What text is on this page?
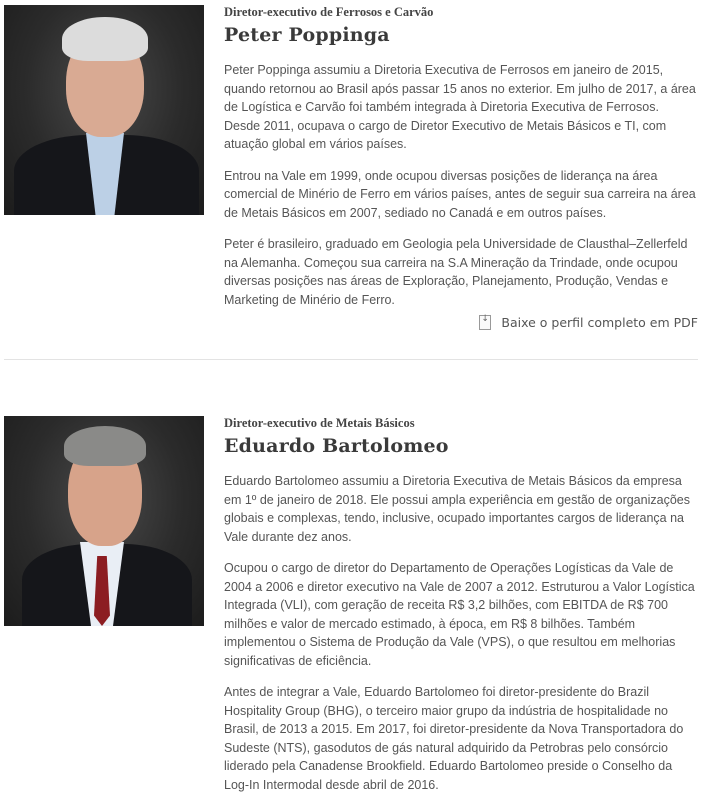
Diretor-executivo de Ferrosos e Carvão
Peter Poppinga

Peter Poppinga assumiu a Diretoria Executiva de Ferrosos em janeiro de 2015, quando retornou ao Brasil após passar 15 anos no exterior. Em julho de 2017, a área de Logística e Carvão foi também integrada à Diretoria Executiva de Ferrosos. Desde 2011, ocupava o cargo de Diretor Executivo de Metais Básicos e TI, com atuação global em vários países.

Entrou na Vale em 1999, onde ocupou diversas posições de liderança na área comercial de Minério de Ferro em vários países, antes de seguir sua carreira na área de Metais Básicos em 2007, sediado no Canadá e em outros países.

Peter é brasileiro, graduado em Geologia pela Universidade de Clausthal–Zellerfeld na Alemanha. Começou sua carreira na S.A Mineração da Trindade, onde ocupou diversas posições nas áreas de Exploração, Planejamento, Produção, Vendas e Marketing de Minério de Ferro.

↓
Baixe o perfil completo em PDF
Diretor-executivo de Metais Básicos
Eduardo Bartolomeo

Eduardo Bartolomeo assumiu a Diretoria Executiva de Metais Básicos da empresa em 1º de janeiro de 2018. Ele possui ampla experiência em gestão de organizações globais e complexas, tendo, inclusive, ocupado importantes cargos de liderança na Vale durante dez anos.

Ocupou o cargo de diretor do Departamento de Operações Logísticas da Vale de 2004 a 2006 e diretor executivo na Vale de 2007 a 2012. Estruturou a Valor Logística Integrada (VLI), com geração de receita R$ 3,2 bilhões, com EBITDA de R$ 700 milhões e valor de mercado estimado, à época, em R$ 8 bilhões. Também implementou o Sistema de Produção da Vale (VPS), o que resultou em melhorias significativas de eficiência.

Antes de integrar a Vale, Eduardo Bartolomeo foi diretor-presidente do Brazil Hospitality Group (BHG), o terceiro maior grupo da indústria de hospitalidade no Brasil, de 2013 a 2015. Em 2017, foi diretor-presidente da Nova Transportadora do Sudeste (NTS), gasodutos de gás natural adquirido da Petrobras pelo consórcio liderado pela Canadense Brookfield. Eduardo Bartolomeo preside o Conselho da Log-In Intermodal desde abril de 2016.
